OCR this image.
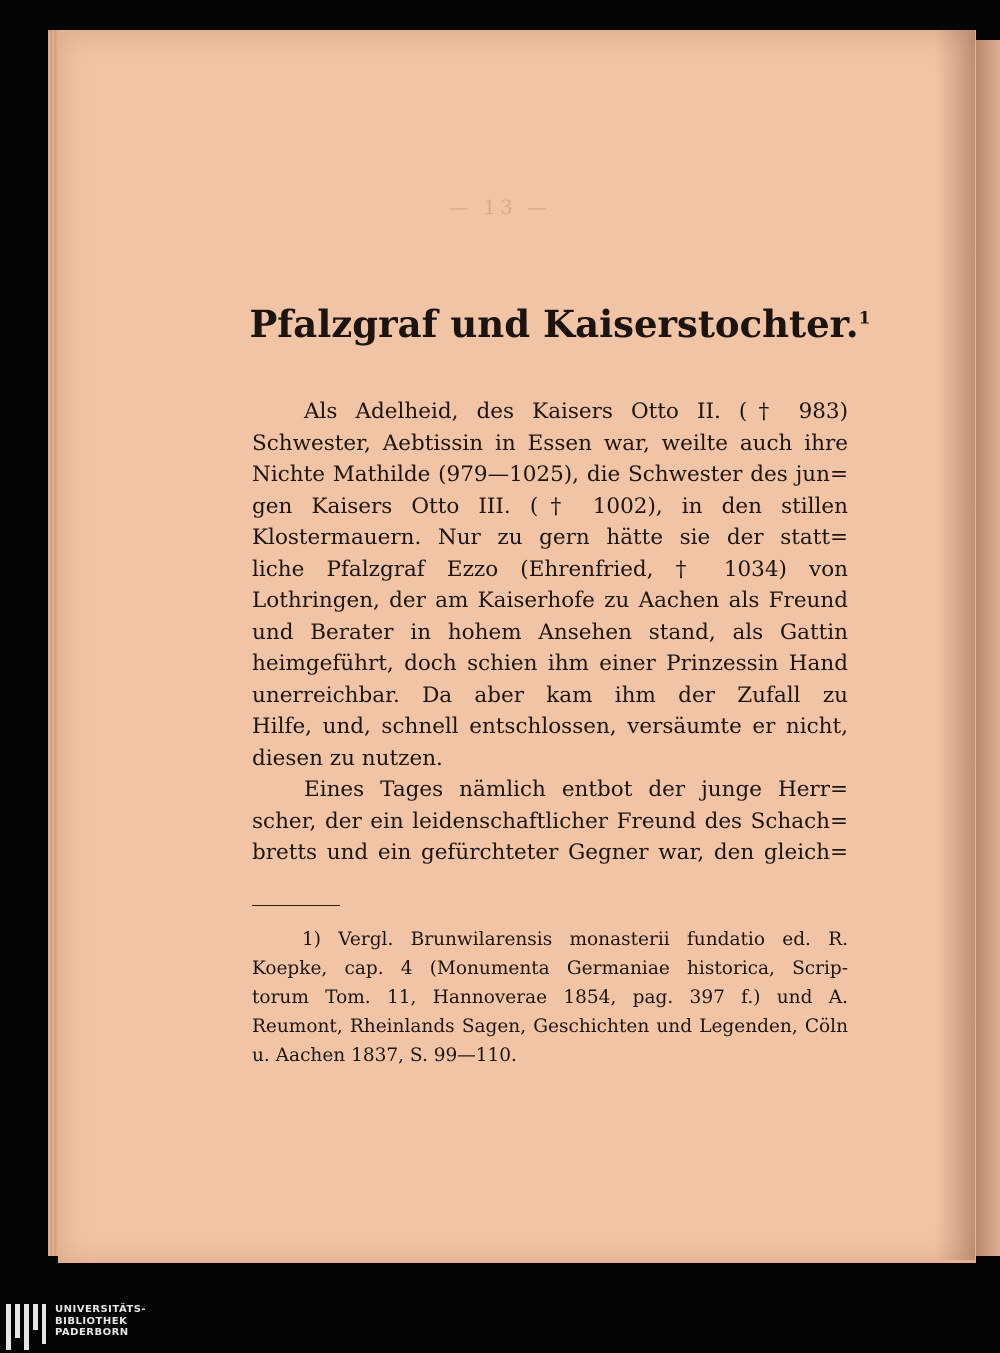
— 13 —
Pfalzgraf und Kaiserstochter.$^1$
Als Adelheid, des Kaisers Otto II. († 983)
Schwester, Aebtissin in Essen war, weilte auch ihre
Nichte Mathilde (979—1025), die Schwester des jun=
gen Kaisers Otto III. († 1002), in den stillen
Klostermauern. Nur zu gern hätte sie der statt=
liche Pfalzgraf Ezzo (Ehrenfried, † 1034) von
Lothringen, der am Kaiserhofe zu Aachen als Freund
und Berater in hohem Ansehen stand, als Gattin
heimgeführt, doch schien ihm einer Prinzessin Hand
unerreichbar. Da aber kam ihm der Zufall zu
Hilfe, und, schnell entschlossen, versäumte er nicht,
diesen zu nutzen.
Eines Tages nämlich entbot der junge Herr=
scher, der ein leidenschaftlicher Freund des Schach=
bretts und ein gefürchteter Gegner war, den gleich=
1) Vergl. Brunwilarensis monasterii fundatio ed. R.
Koepke, cap. 4 (Monumenta Germaniae historica, Scrip-
torum Tom. 11, Hannoverae 1854, pag. 397 f.) und A.
Reumont, Rheinlands Sagen, Geschichten und Legenden, Cöln
u. Aachen 1837, S. 99—110.
UNIVERSITÄTS-
BIBLIOTHEK
PADERBORN
